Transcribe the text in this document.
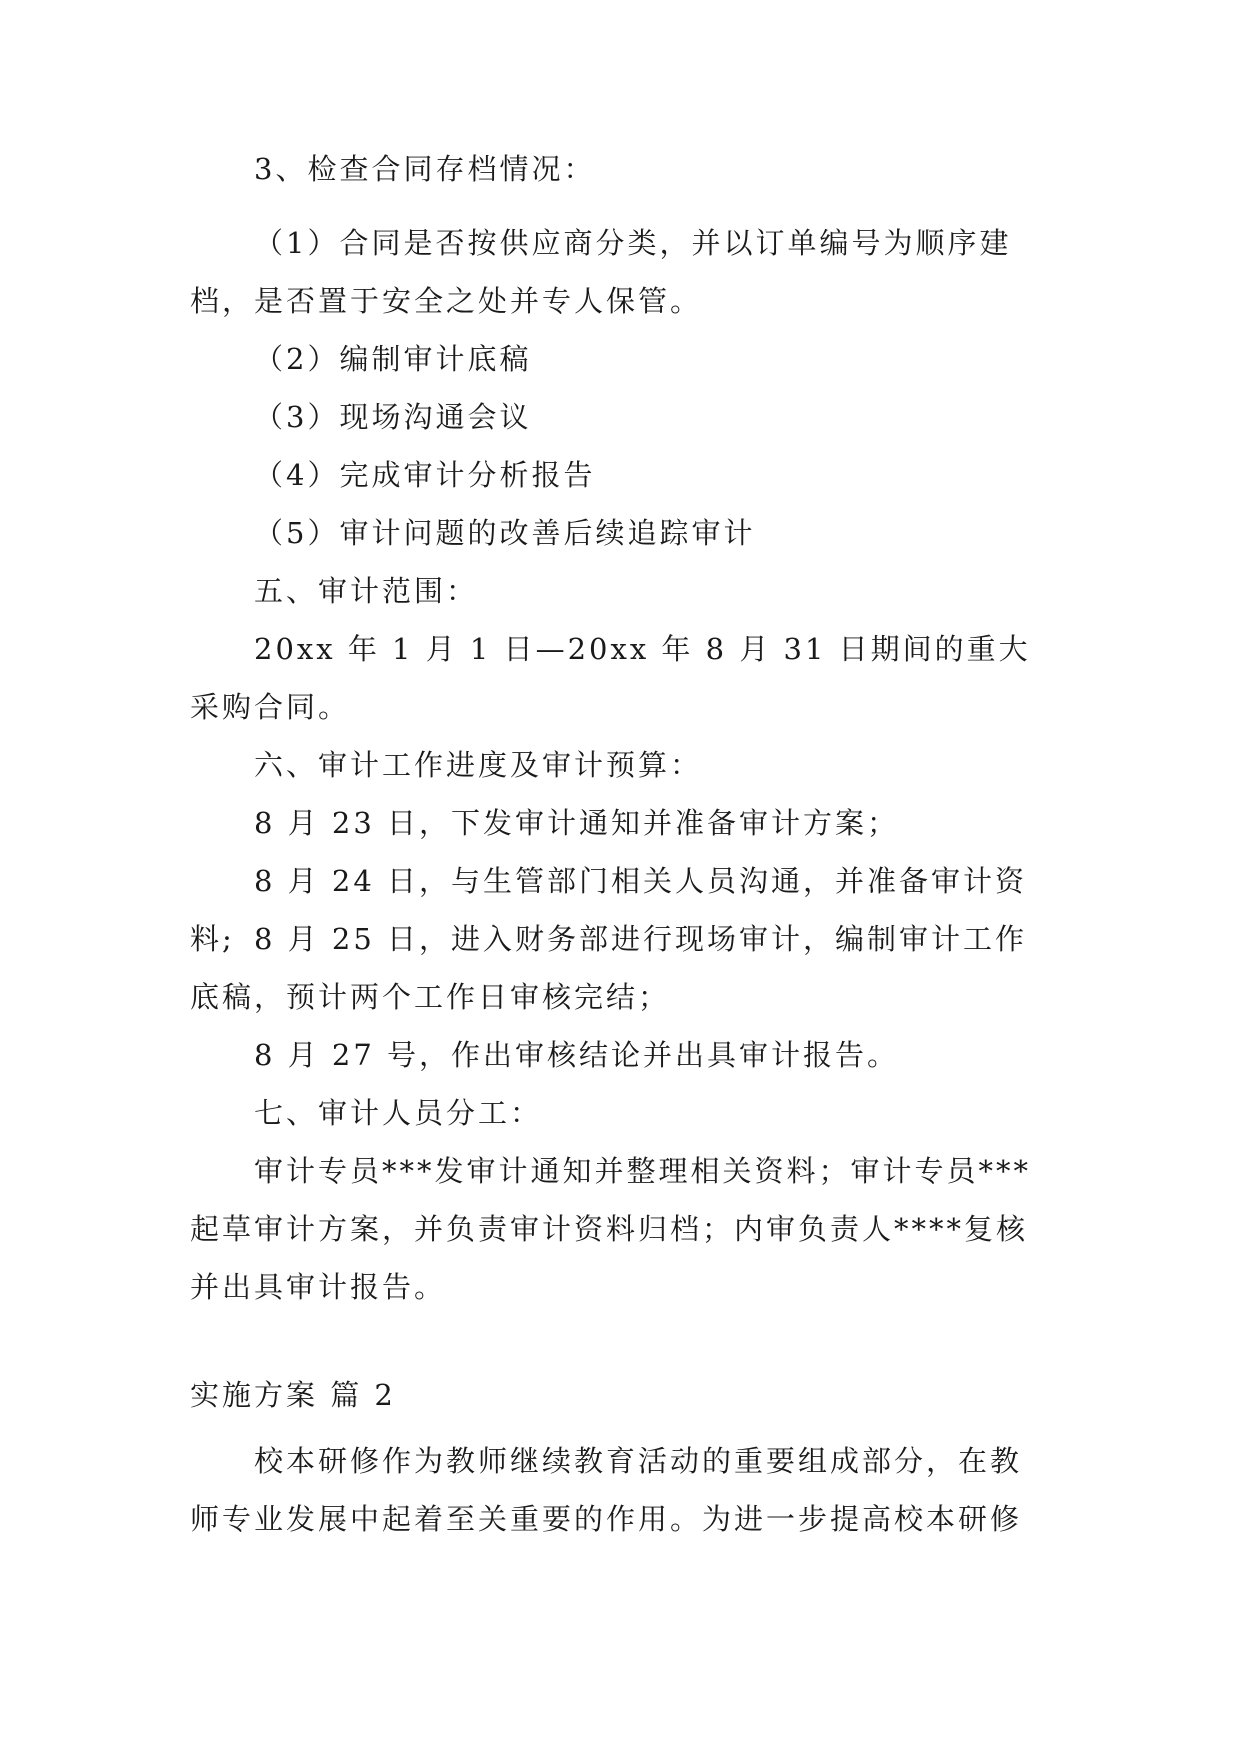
3、检查合同存档情况：

（1）合同是否按供应商分类，并以订单编号为顺序建档，是否置于安全之处并专人保管。

（2）编制审计底稿

（3）现场沟通会议

（4）完成审计分析报告

（5）审计问题的改善后续追踪审计

五、审计范围：

20xx 年 1 月 1 日—20xx 年 8 月 31 日期间的重大采购合同。

六、审计工作进度及审计预算：

8 月 23 日，下发审计通知并准备审计方案；

8 月 24 日，与生管部门相关人员沟通，并准备审计资料; 8 月 25 日，进入财务部进行现场审计，编制审计工作底稿，预计两个工作日审核完结；

8 月 27 号，作出审核结论并出具审计报告。

七、审计人员分工：

审计专员***发审计通知并整理相关资料；审计专员***起草审计方案，并负责审计资料归档；内审负责人****复核并出具审计报告。

实施方案 篇 2

校本研修作为教师继续教育活动的重要组成部分，在教师专业发展中起着至关重要的作用。为进一步提高校本研修
